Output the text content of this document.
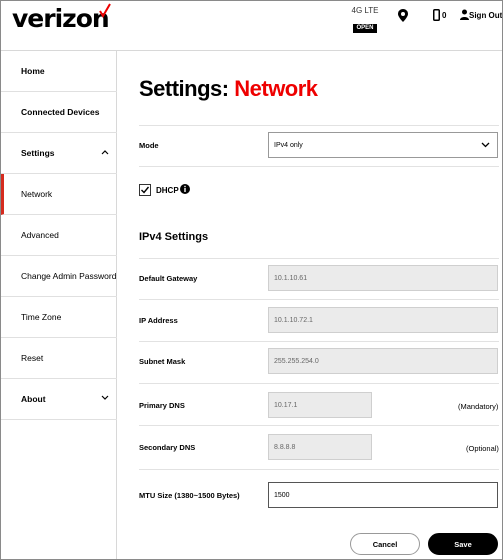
verizon	4G LTE
OPEN
0	Sign Out
Home
Connected Devices
Settings
Network
Advanced
Change Admin Password
Time Zone
Reset
About
Settings: Network
Mode	IPv4 only
DHCP
IPv4 Settings
Default Gateway	10.1.10.61
IP Address	10.1.10.72.1
Subnet Mask	255.255.254.0
Primary DNS	10.17.1	(Mandatory)
Secondary DNS	8.8.8.8	(Optional)
MTU Size (1380~1500 Bytes)	1500
Cancel	Save
